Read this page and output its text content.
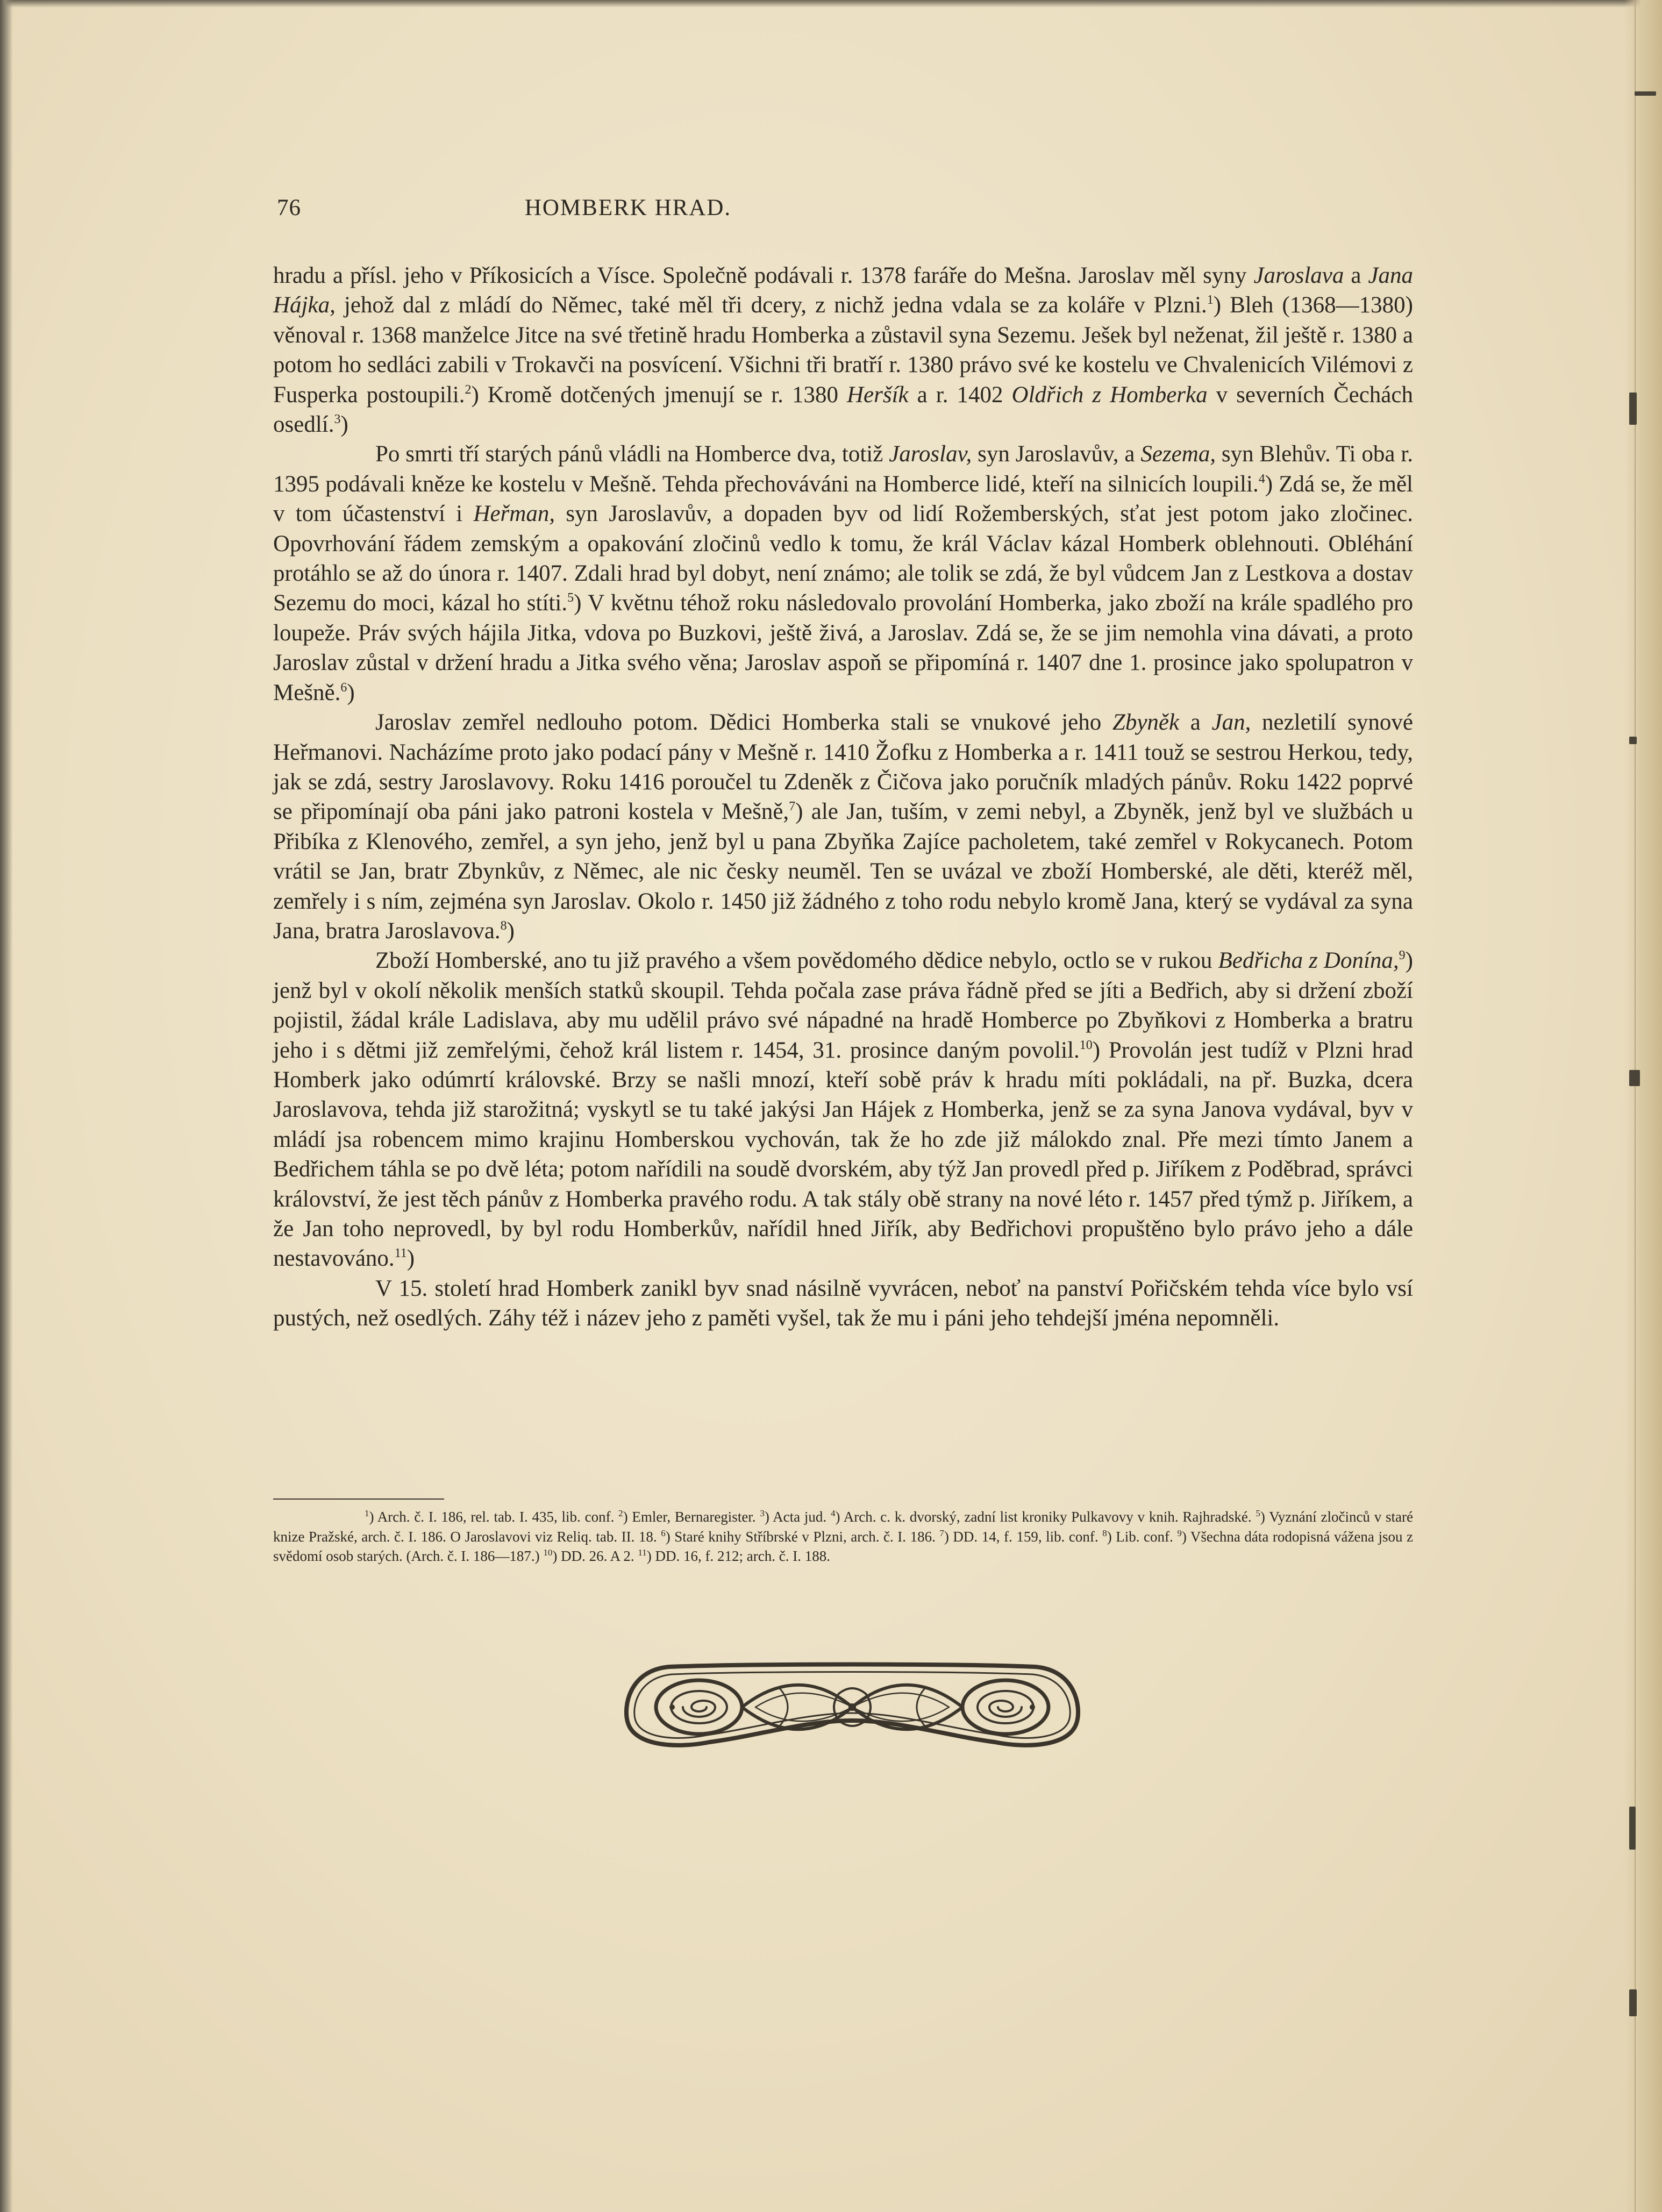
76	HOMBERK HRAD.

hradu a přísl. jeho v Příkosicích a Vísce. Společně podávali r. 1378 faráře do Mešna. Jaroslav měl syny Jaroslava a Jana Hájka, jehož dal z mládí do Němec, také měl tři dcery, z nichž jedna vdala se za koláře v Plzni.$^1$) Bleh (1368—1380) věnoval r. 1368 manželce Jitce na své třetině hradu Homberka a zůstavil syna Sezemu. Ješek byl neženat, žil ještě r. 1380 a potom ho sedláci zabili v Trokavči na posvícení. Všichni tři bratří r. 1380 právo své ke kostelu ve Chvalenicích Vilémovi z Fusperka postoupili.$^2$) Kromě dotčených jmenují se r. 1380 Heršík a r. 1402 Oldřich z Homberka v severních Čechách osedlí.$^3$)

Po smrti tří starých pánů vládli na Homberce dva, totiž Jaroslav, syn Jaroslavův, a Sezema, syn Blehův. Ti oba r. 1395 podávali kněze ke kostelu v Mešně. Tehda přechováváni na Homberce lidé, kteří na silnicích loupili.$^4$) Zdá se, že měl v tom účastenství i Heřman, syn Jaroslavův, a dopaden byv od lidí Rožemberských, sťat jest potom jako zločinec. Opovrhování řádem zemským a opakování zločinů vedlo k tomu, že král Václav kázal Homberk oblehnouti. Obléhání protáhlo se až do února r. 1407. Zdali hrad byl dobyt, není známo; ale tolik se zdá, že byl vůdcem Jan z Lestkova a dostav Sezemu do moci, kázal ho stíti.$^5$) V květnu téhož roku následovalo provolání Homberka, jako zboží na krále spadlého pro loupeže. Práv svých hájila Jitka, vdova po Buzkovi, ještě živá, a Jaroslav. Zdá se, že se jim nemohla vina dávati, a proto Jaroslav zůstal v držení hradu a Jitka svého věna; Jaroslav aspoň se připomíná r. 1407 dne 1. prosince jako spolupatron v Mešně.$^6$)

Jaroslav zemřel nedlouho potom. Dědici Homberka stali se vnukové jeho Zbyněk a Jan, nezletilí synové Heřmanovi. Nacházíme proto jako podací pány v Mešně r. 1410 Žofku z Homberka a r. 1411 touž se sestrou Herkou, tedy, jak se zdá, sestry Jaroslavovy. Roku 1416 poroučel tu Zdeněk z Čičova jako poručník mladých pánův. Roku 1422 poprvé se připomínají oba páni jako patroni kostela v Mešně,$^7$) ale Jan, tuším, v zemi nebyl, a Zbyněk, jenž byl ve službách u Přibíka z Klenového, zemřel, a syn jeho, jenž byl u pana Zbyňka Zajíce pacholetem, také zemřel v Rokycanech. Potom vrátil se Jan, bratr Zbynkův, z Němec, ale nic česky neuměl. Ten se uvázal ve zboží Homberské, ale děti, kteréž měl, zemřely i s ním, zejména syn Jaroslav. Okolo r. 1450 již žádného z toho rodu nebylo kromě Jana, který se vydával za syna Jana, bratra Jaroslavova.$^8$)

Zboží Homberské, ano tu již pravého a všem povědomého dědice nebylo, octlo se v rukou Bedřicha z Donína,$^9$) jenž byl v okolí několik menších statků skoupil. Tehda počala zase práva řádně před se jíti a Bedřich, aby si držení zboží pojistil, žádal krále Ladislava, aby mu udělil právo své nápadné na hradě Homberce po Zbyňkovi z Homberka a bratru jeho i s dětmi již zemřelými, čehož král listem r. 1454, 31. prosince daným povolil.$^{10}$) Provolán jest tudíž v Plzni hrad Homberk jako odúmrtí královské. Brzy se našli mnozí, kteří sobě práv k hradu míti pokládali, na př. Buzka, dcera Jaroslavova, tehda již starožitná; vyskytl se tu také jakýsi Jan Hájek z Homberka, jenž se za syna Janova vydával, byv v mládí jsa robencem mimo krajinu Homberskou vychován, tak že ho zde již málokdo znal. Pře mezi tímto Janem a Bedřichem táhla se po dvě léta; potom nařídili na soudě dvorském, aby týž Jan provedl před p. Jiříkem z Poděbrad, správci království, že jest těch pánův z Homberka pravého rodu. A tak stály obě strany na nové léto r. 1457 před týmž p. Jiříkem, a že Jan toho neprovedl, by byl rodu Homberkův, nařídil hned Jiřík, aby Bedřichovi propuštěno bylo právo jeho a dále nestavováno.$^{11}$)

V 15. století hrad Homberk zanikl byv snad násilně vyvrácen, neboť na panství Pořičském tehda více bylo vsí pustých, než osedlých. Záhy též i název jeho z paměti vyšel, tak že mu i páni jeho tehdejší jména nepomněli.

$^1$) Arch. č. I. 186, rel. tab. I. 435, lib. conf. $^2$) Emler, Bernaregister. $^3$) Acta jud. $^4$) Arch. c. k. dvorský, zadní list kroniky Pulkavovy v knih. Rajhradské. $^5$) Vyznání zločinců v staré knize Pražské, arch. č. I. 186. O Jaroslavovi viz Reliq. tab. II. 18. $^6$) Staré knihy Stříbrské v Plzni, arch. č. I. 186. $^7$) DD. 14, f. 159, lib. conf. $^8$) Lib. conf. $^9$) Všechna dáta rodopisná vážena jsou z svědomí osob starých. (Arch. č. I. 186—187.) $^{10}$) DD. 26. A 2. $^{11}$) DD. 16, f. 212; arch. č. I. 188.
